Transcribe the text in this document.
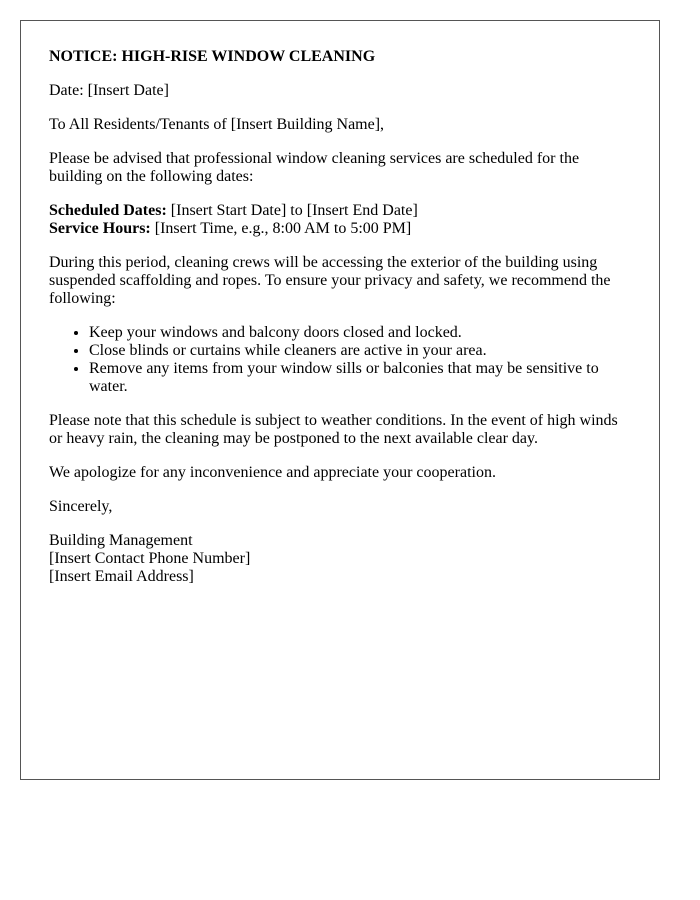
NOTICE: HIGH-RISE WINDOW CLEANING

Date: [Insert Date]

To All Residents/Tenants of [Insert Building Name],

Please be advised that professional window cleaning services are scheduled for the building on the following dates:

Scheduled Dates: [Insert Start Date] to [Insert End Date]
Service Hours: [Insert Time, e.g., 8:00 AM to 5:00 PM]

During this period, cleaning crews will be accessing the exterior of the building using suspended scaffolding and ropes. To ensure your privacy and safety, we recommend the following:

• Keep your windows and balcony doors closed and locked.
• Close blinds or curtains while cleaners are active in your area.
• Remove any items from your window sills or balconies that may be sensitive to water.

Please note that this schedule is subject to weather conditions. In the event of high winds or heavy rain, the cleaning may be postponed to the next available clear day.

We apologize for any inconvenience and appreciate your cooperation.

Sincerely,

Building Management

[Insert Contact Phone Number]

[Insert Email Address]
